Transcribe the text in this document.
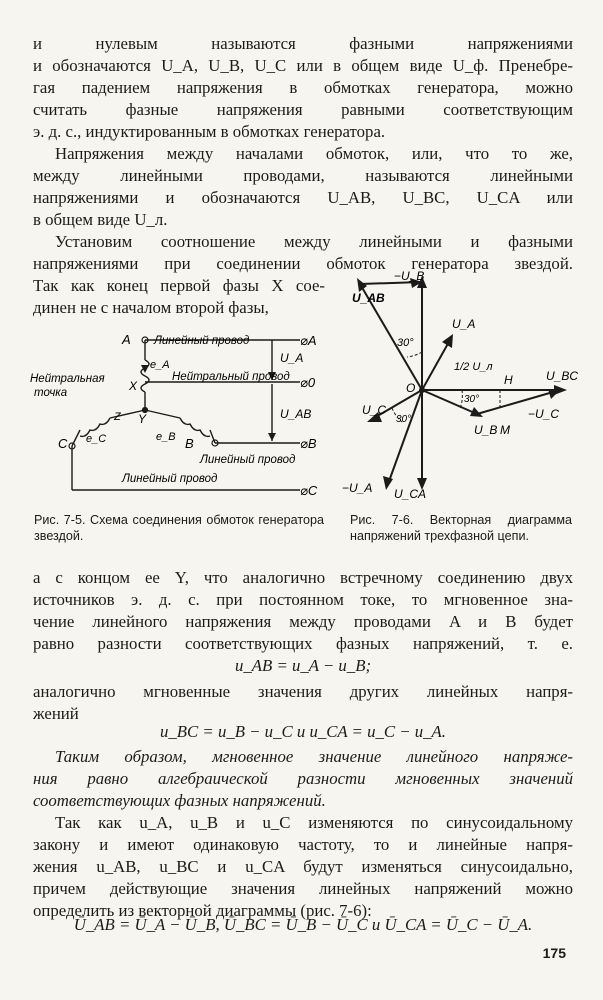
и нулевым называются фазными напряжениями
и обозначаются U_A, U_B, U_C или в общем виде U_ф. Пренебре-
гая падением напряжения в обмотках генератора, можно
считать фазные напряжения равными соответствующим
э. д. с., индуктированным в обмотках генератора.
Напряжения между началами обмоток, или, что то же,
между линейными проводами, называются линейными
напряжениями и обозначаются U_AB, U_BC, U_CA или
в общем виде U_л.
Установим соотношение между линейными и фазными
напряжениями при соединении обмоток генератора звездой.
Так как конец первой фазы X сое-
динен не с началом второй фазы,
A Линейный провод	⌀A
e_A	U_A
Нейтральная
точка	X
Нейтральный провод ⌀0
U_AB
Y
Z
e_C	e_B B
C	⌀B
Линейный провод
Линейный провод
⌀C
−U_B
U_AB
U_A
30°
1/2 U_л
O
H	U_BC
U_C
30°
30°
U_B M
−U_C
−U_A U_CA
Рис. 7-5. Схема соединения обмоток генератора звездой.
Рис. 7-6. Векторная диаграмма напряжений трехфазной цепи.
а с концом ее Y, что аналогично встречному соединению двух
источников э. д. с. при постоянном токе, то мгновенное зна-
чение линейного напряжения между проводами A и B будет
равно разности соответствующих фазных напряжений, т. е.
u_AB = u_A − u_B;
аналогично мгновенные значения других линейных напря-
жений
u_BC = u_B − u_C и u_CA = u_C − u_A.
Таким образом, мгновенное значение линейного напряже-
ния равно алгебраической разности мгновенных значений
соответствующих фазных напряжений.
Так как u_A, u_B и u_C изменяются по синусоидальному
закону и имеют одинаковую частоту, то и линейные напря-
жения u_AB, u_BC и u_CA будут изменяться синусоидально,
причем действующие значения линейных напряжений можно
определить из векторной диаграммы (рис. 7-6):
Ū_AB = Ū_A − Ū_B, Ū_BC = Ū_B − Ū_C и Ū_CA = Ū_C − Ū_A.
175
